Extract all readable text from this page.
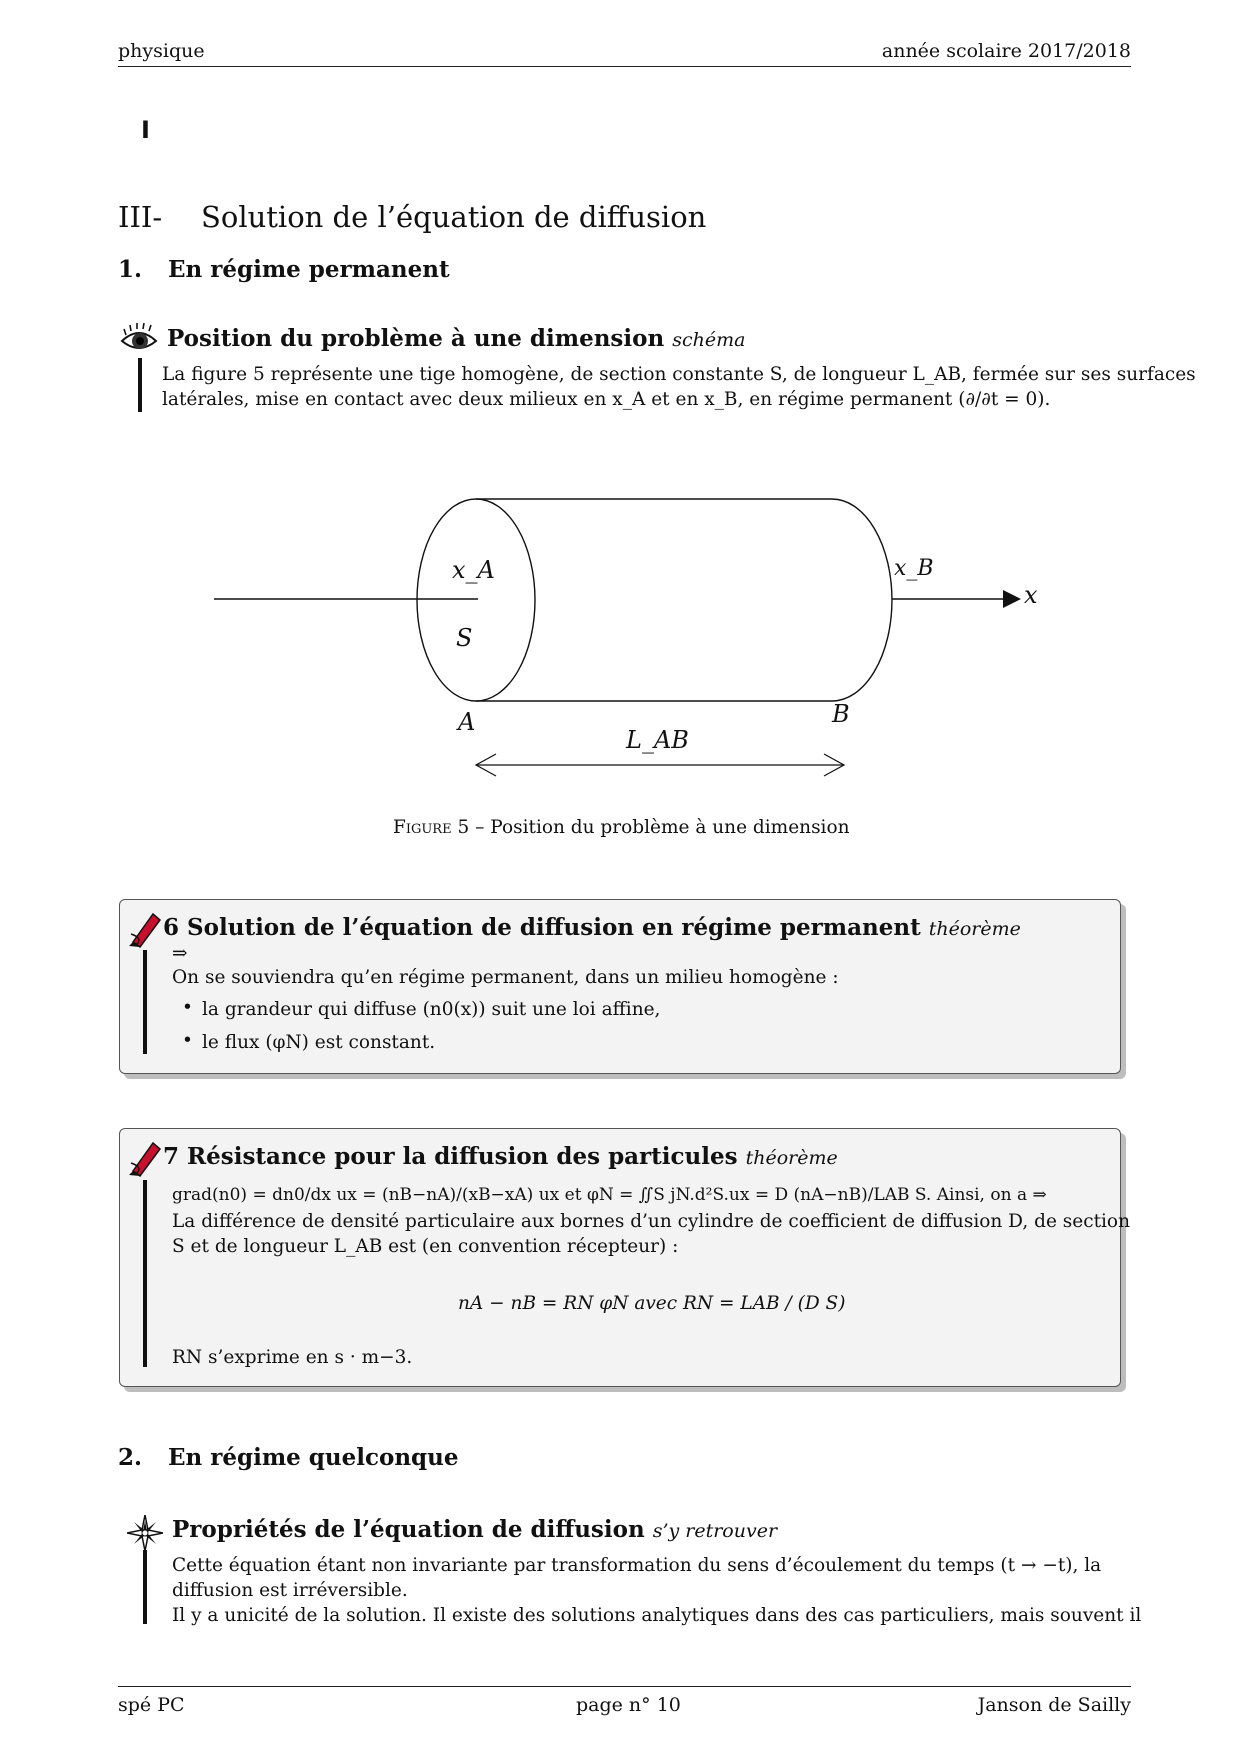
physique	année scolaire 2017/2018
I
III- Solution de l’équation de diffusion
1. En régime permanent
Position du problème à une dimension schéma
La figure 5 représente une tige homogène, de section constante S, de longueur L_AB, fermée sur ses surfaces
latérales, mise en contact avec deux milieux en x_A et en x_B, en régime permanent (∂/∂t = 0).
x_A
S
x_B
x
A	B
L_AB
Figure 5 – Position du problème à une dimension
6 Solution de l’équation de diffusion en régime permanent théorème
⇒
On se souviendra qu’en régime permanent, dans un milieu homogène :
• la grandeur qui diffuse (n0(x)) suit une loi affine,
• le flux (φN) est constant.
7 Résistance pour la diffusion des particules théorème
grad(n0) = dn0/dx ux = (nB−nA)/(xB−xA) ux et φN = ∬S jN.d²S.ux = D (nA−nB)/LAB S. Ainsi, on a ⇒
La différence de densité particulaire aux bornes d’un cylindre de coefficient de diffusion D, de section
S et de longueur L_AB est (en convention récepteur) :
nA − nB = RN φN avec RN = LAB / (D S)
RN s’exprime en s · m−3.
2. En régime quelconque
Propriétés de l’équation de diffusion s’y retrouver
Cette équation étant non invariante par transformation du sens d’écoulement du temps (t → −t), la
diffusion est irréversible.
Il y a unicité de la solution. Il existe des solutions analytiques dans des cas particuliers, mais souvent il
spé PC	page n° 10	Janson de Sailly
